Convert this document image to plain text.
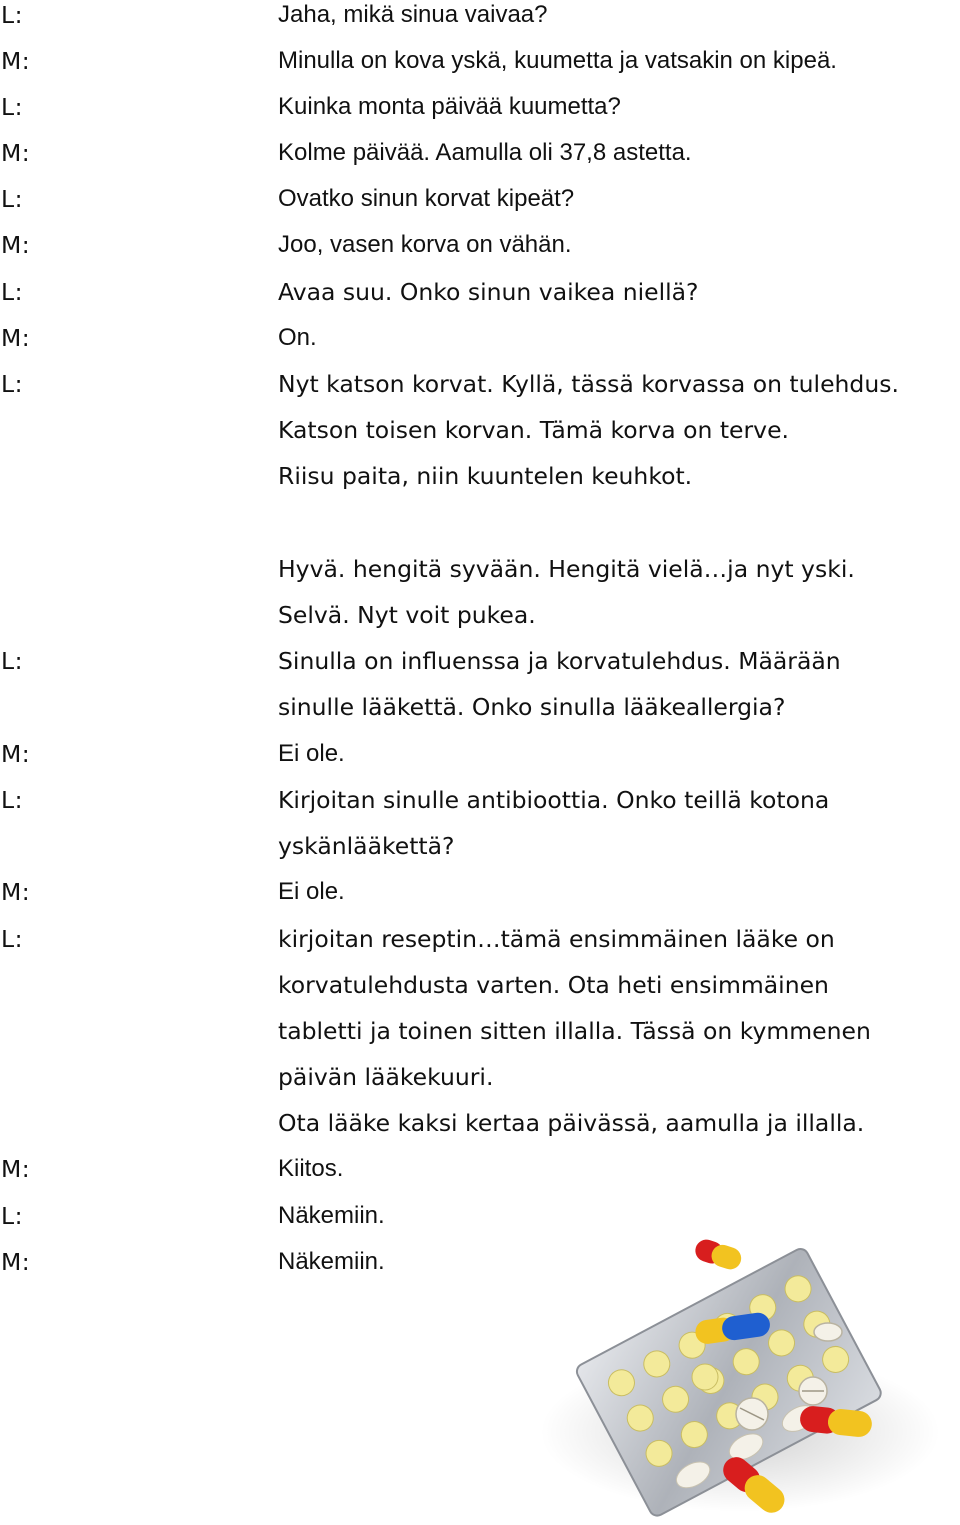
L:	Jaha, mikä sinua vaivaa?
M:	Minulla on kova yskä, kuumetta ja vatsakin on kipeä.
L:	Kuinka monta päivää kuumetta?
M:	Kolme päivää. Aamulla oli 37,8 astetta.
L:	Ovatko sinun korvat kipeät?
M:	Joo, vasen korva on vähän.
L:	Avaa suu. Onko sinun vaikea niellä?
M:	On.
L:	Nyt katson korvat. Kyllä, tässä korvassa on tulehdus.
Katson toisen korvan. Tämä korva on terve.
Riisu paita, niin kuuntelen keuhkot.
Hyvä. hengitä syvään. Hengitä vielä…ja nyt yski.
Selvä. Nyt voit pukea.
L:	Sinulla on influenssa ja korvatulehdus. Määrään
sinulle lääkettä. Onko sinulla lääkeallergia?
M:	Ei ole.
L:	Kirjoitan sinulle antibioottia. Onko teillä kotona
yskänlääkettä?
M:	Ei ole.
L:	kirjoitan reseptin…tämä ensimmäinen lääke on
korvatulehdusta varten. Ota heti ensimmäinen
tabletti ja toinen sitten illalla. Tässä on kymmenen
päivän lääkekuuri.
Ota lääke kaksi kertaa päivässä, aamulla ja illalla.
M:	Kiitos.
L:	Näkemiin.
M:	Näkemiin.
